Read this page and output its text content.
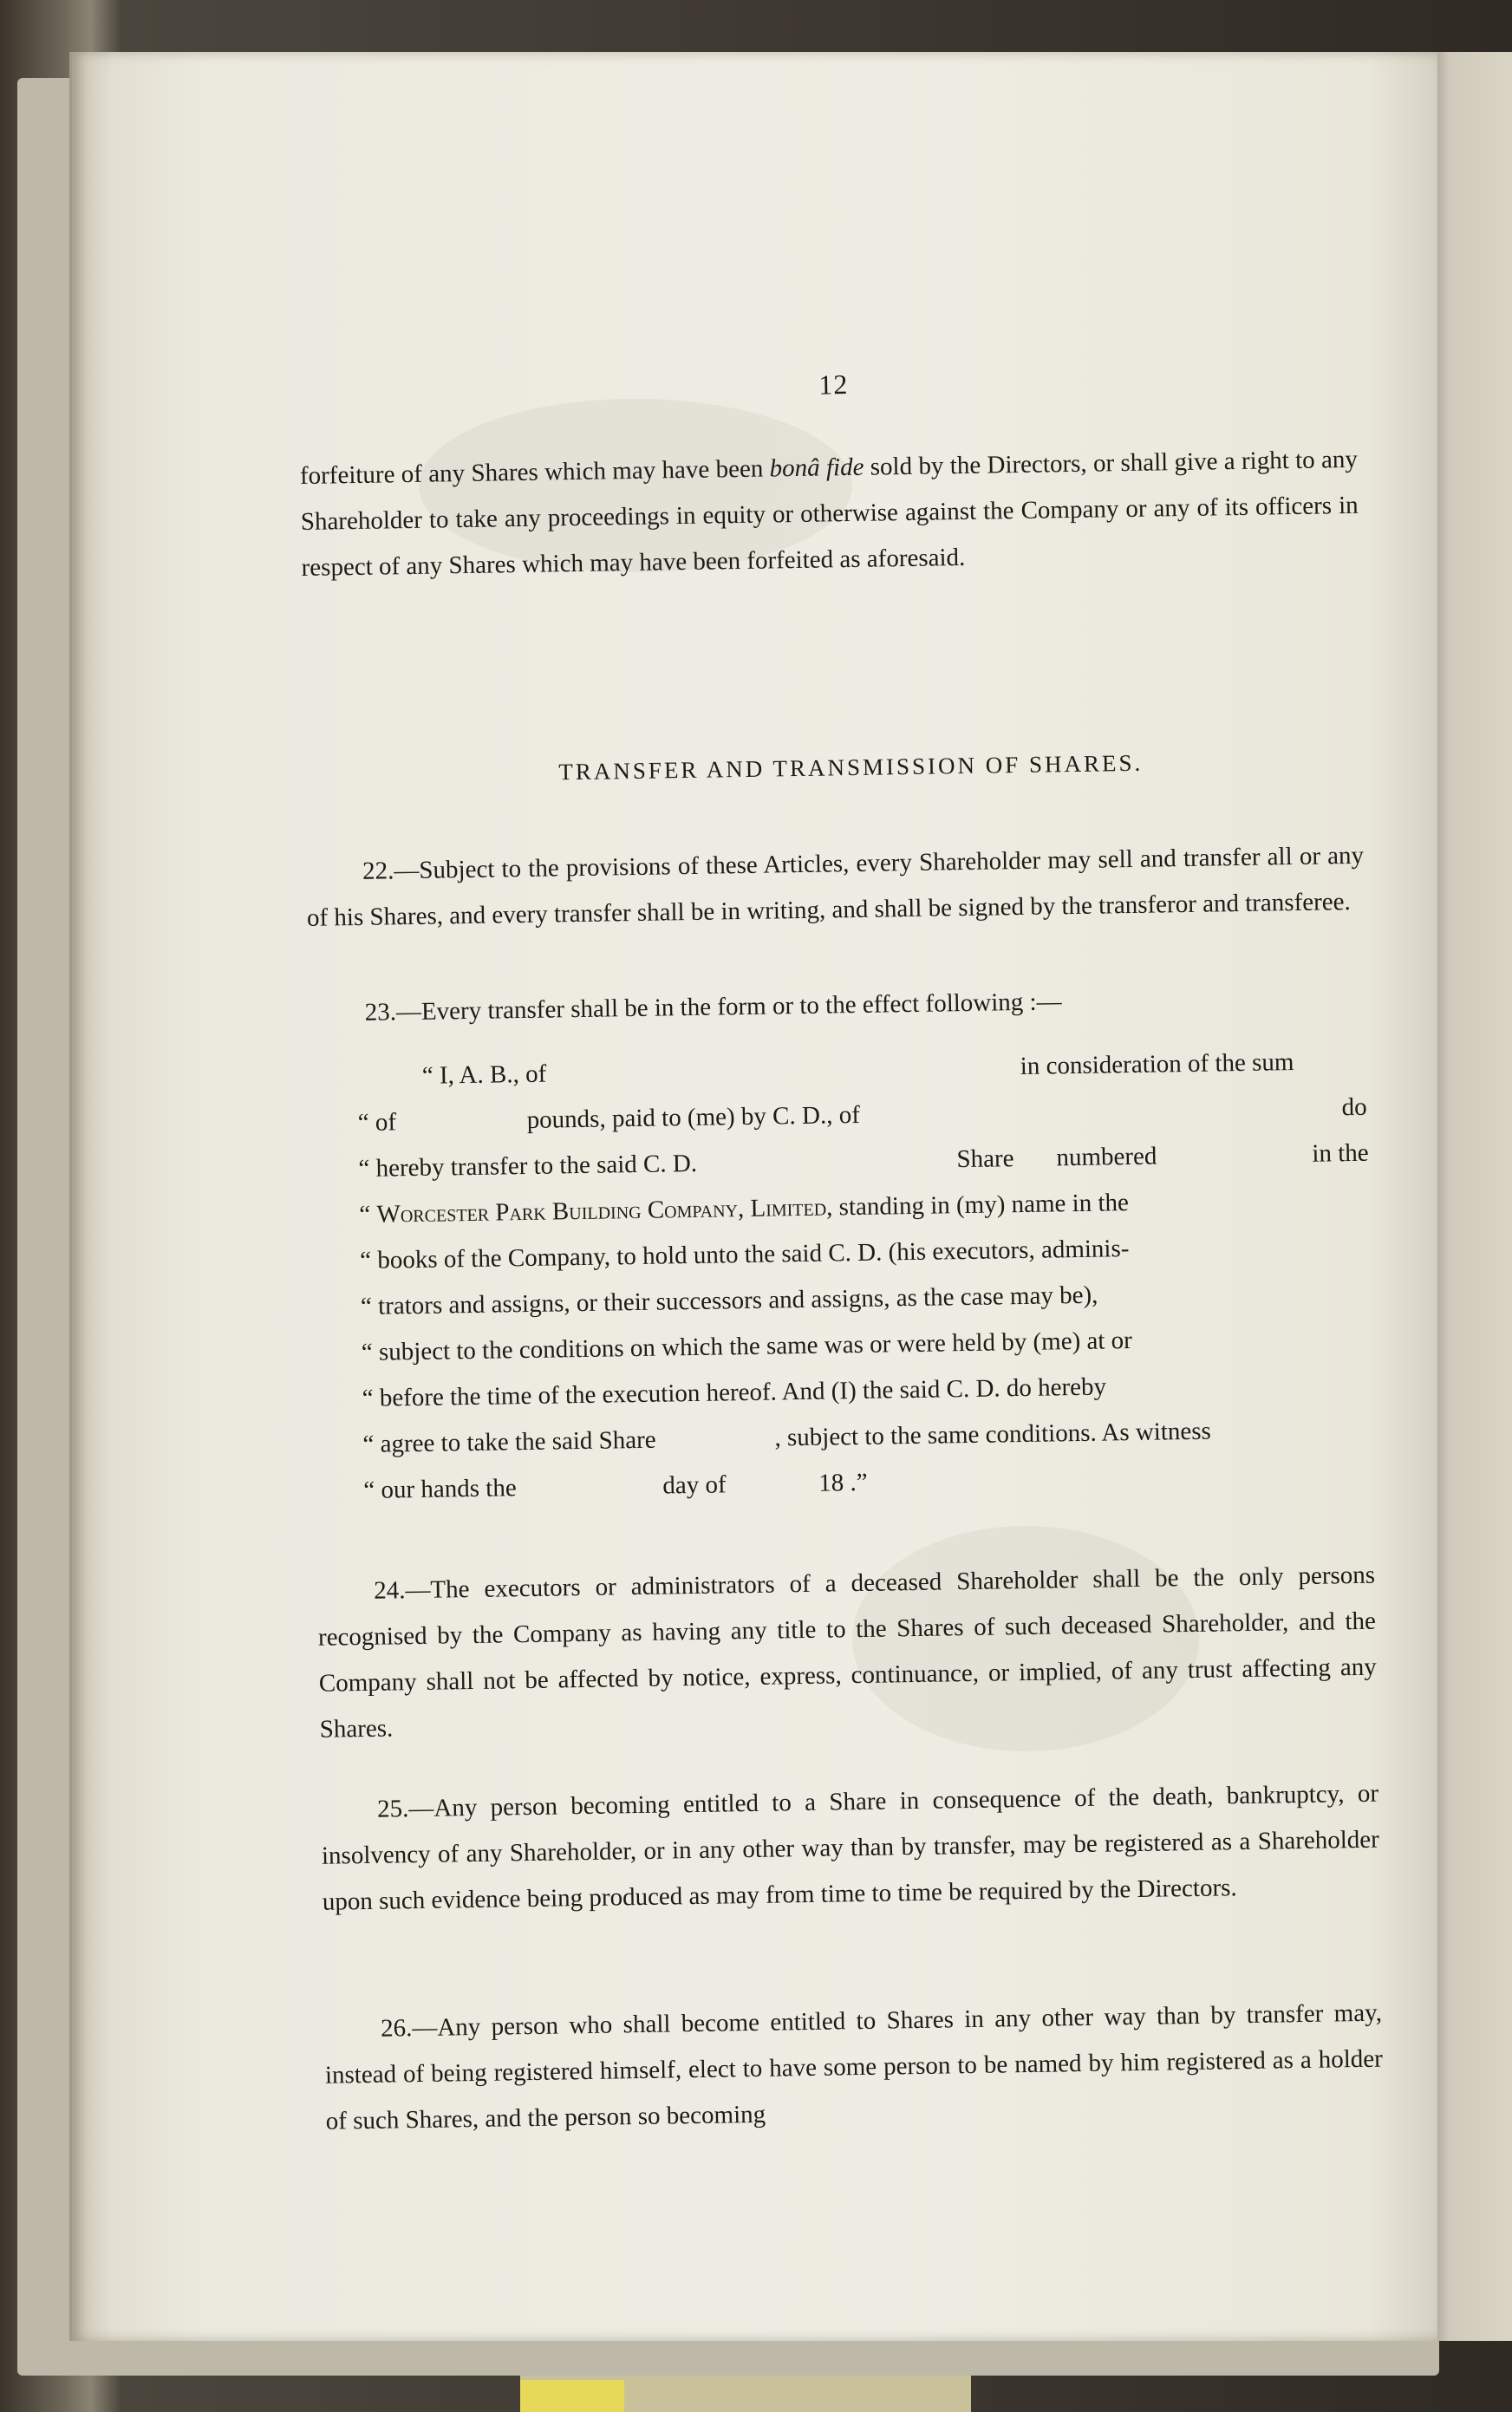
12

forfeiture of any Shares which may have been bonâ fide sold by the Directors, or shall give a right to any Shareholder to take any proceedings in equity or otherwise against the Company or any of its officers in respect of any Shares which may have been forfeited as aforesaid.

TRANSFER AND TRANSMISSION OF SHARES.

22.—Subject to the provisions of these Articles, every Shareholder may sell and transfer all or any of his Shares, and every transfer shall be in writing, and shall be signed by the transferor and transferee.

23.—Every transfer shall be in the form or to the effect following :—

“ I, A. B., of	in consideration of the sum
“ of	pounds, paid to (me) by C. D., of	do
“ hereby transfer to the said C. D.	Share numbered	in the
“ Worcester Park Building Company, Limited, standing in (my) name in the
“ books of the Company, to hold unto the said C. D. (his executors, adminis-
“ trators and assigns, or their successors and assigns, as the case may be),
“ subject to the conditions on which the same was or were held by (me) at or
“ before the time of the execution hereof. And (I) the said C. D. do hereby
“ agree to take the said Share	, subject to the same conditions. As witness
“ our hands the	day of	18 .”

24.—The executors or administrators of a deceased Shareholder shall be the only persons recognised by the Company as having any title to the Shares of such deceased Shareholder, and the Company shall not be affected by notice, express, continuance, or implied, of any trust affecting any Shares.

25.—Any person becoming entitled to a Share in consequence of the death, bankruptcy, or insolvency of any Shareholder, or in any other way than by transfer, may be registered as a Shareholder upon such evidence being produced as may from time to time be required by the Directors.

26.—Any person who shall become entitled to Shares in any other way than by transfer may, instead of being registered himself, elect to have some person to be named by him registered as a holder of such Shares, and the person so becoming
